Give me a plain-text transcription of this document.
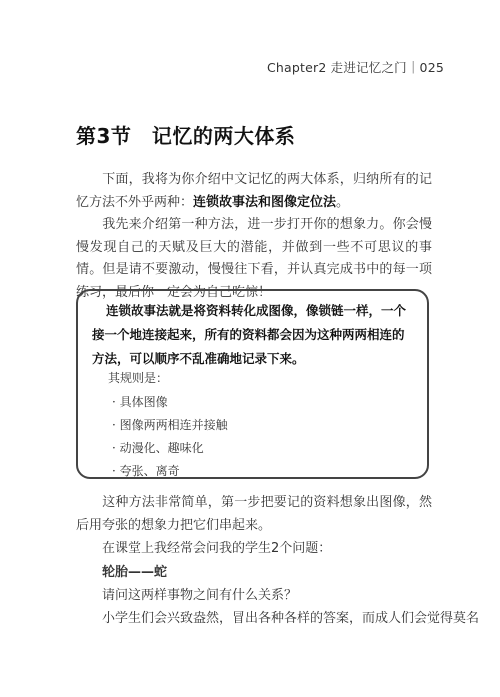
Chapter2 走进记忆之门｜025
第3节　记忆的两大体系
下面，我将为你介绍中文记忆的两大体系，归纳所有的记忆方法不外乎两种：连锁故事法和图像定位法。
我先来介绍第一种方法，进一步打开你的想象力。你会慢慢发现自己的天赋及巨大的潜能，并做到一些不可思议的事情。但是请不要激动，慢慢往下看，并认真完成书中的每一项练习，最后你一定会为自己吃惊！
连锁故事法就是将资料转化成图像，像锁链一样，一个接一个地连接起来，所有的资料都会因为这种两两相连的方法，可以顺序不乱准确地记录下来。
其规则是：
· 具体图像
· 图像两两相连并接触
· 动漫化、趣味化
· 夸张、离奇
这种方法非常简单，第一步把要记的资料想象出图像，然后用夸张的想象力把它们串起来。
在课堂上我经常会问我的学生2个问题：
轮胎——蛇
请问这两样事物之间有什么关系？
小学生们会兴致盎然，冒出各种各样的答案，而成人们会觉得莫名
